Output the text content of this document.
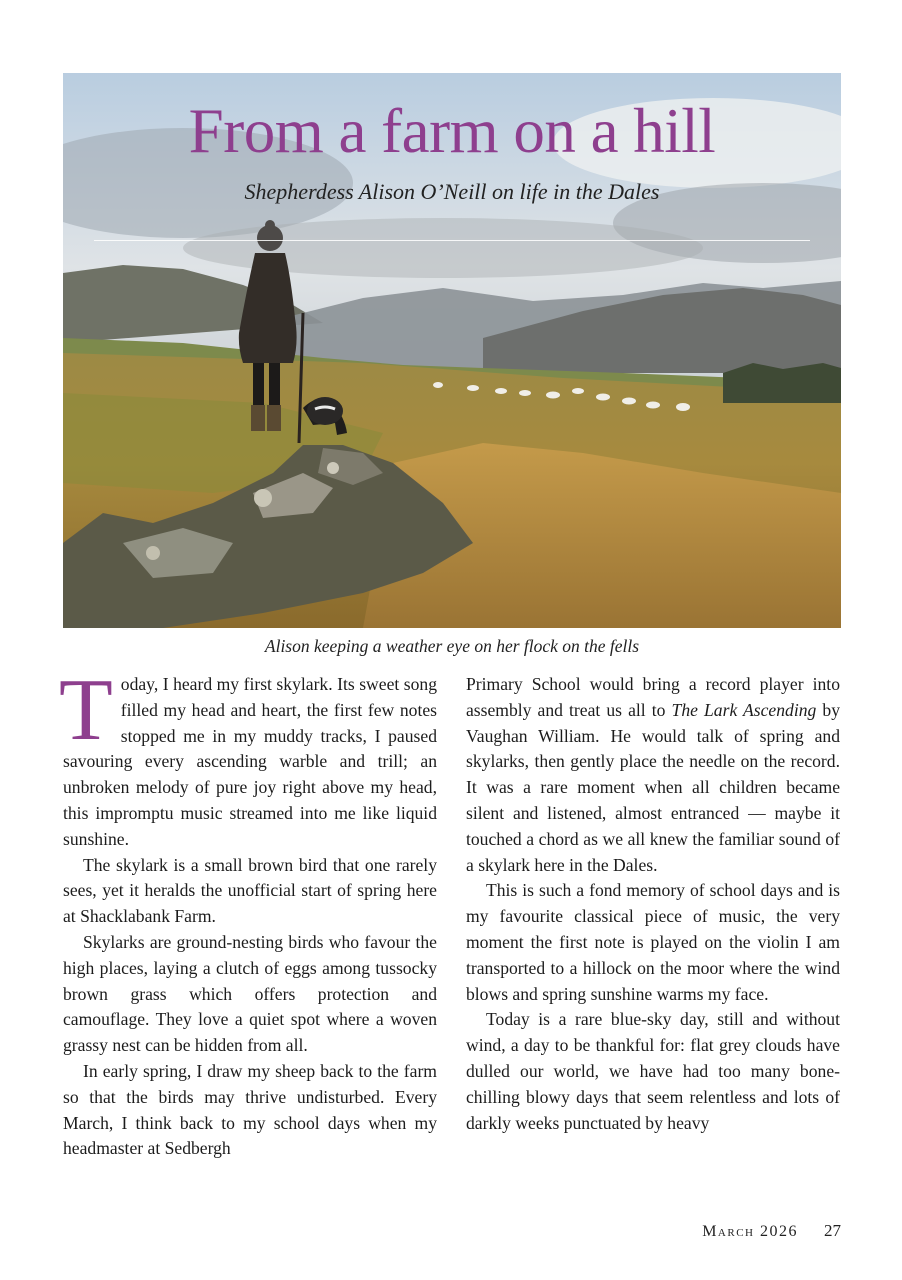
From a farm on a hill
Shepherdess Alison O’Neill on life in the Dales
Alison keeping a weather eye on her flock on the fells

Today, I heard my first skylark. Its sweet song filled my head and heart, the first few notes stopped me in my muddy tracks, I paused savouring every ascending warble and trill; an unbroken melody of pure joy right above my head, this impromptu music streamed into me like liquid sunshine.

The skylark is a small brown bird that one rarely sees, yet it heralds the unofficial start of spring here at Shacklabank Farm.

Skylarks are ground-nesting birds who favour the high places, laying a clutch of eggs among tussocky brown grass which offers protection and camouflage. They love a quiet spot where a woven grassy nest can be hidden from all.

In early spring, I draw my sheep back to the farm so that the birds may thrive undisturbed. Every March, I think back to my school days when my headmaster at Sedbergh

Primary School would bring a record player into assembly and treat us all to The Lark Ascending by Vaughan William. He would talk of spring and skylarks, then gently place the needle on the record. It was a rare moment when all children became silent and listened, almost entranced — maybe it touched a chord as we all knew the familiar sound of a skylark here in the Dales.

This is such a fond memory of school days and is my favourite classical piece of music, the very moment the first note is played on the violin I am transported to a hillock on the moor where the wind blows and spring sunshine warms my face.

Today is a rare blue-sky day, still and without wind, a day to be thankful for: flat grey clouds have dulled our world, we have had too many bone-chilling blowy days that seem relentless and lots of darkly weeks punctuated by heavy

March 2026 27
